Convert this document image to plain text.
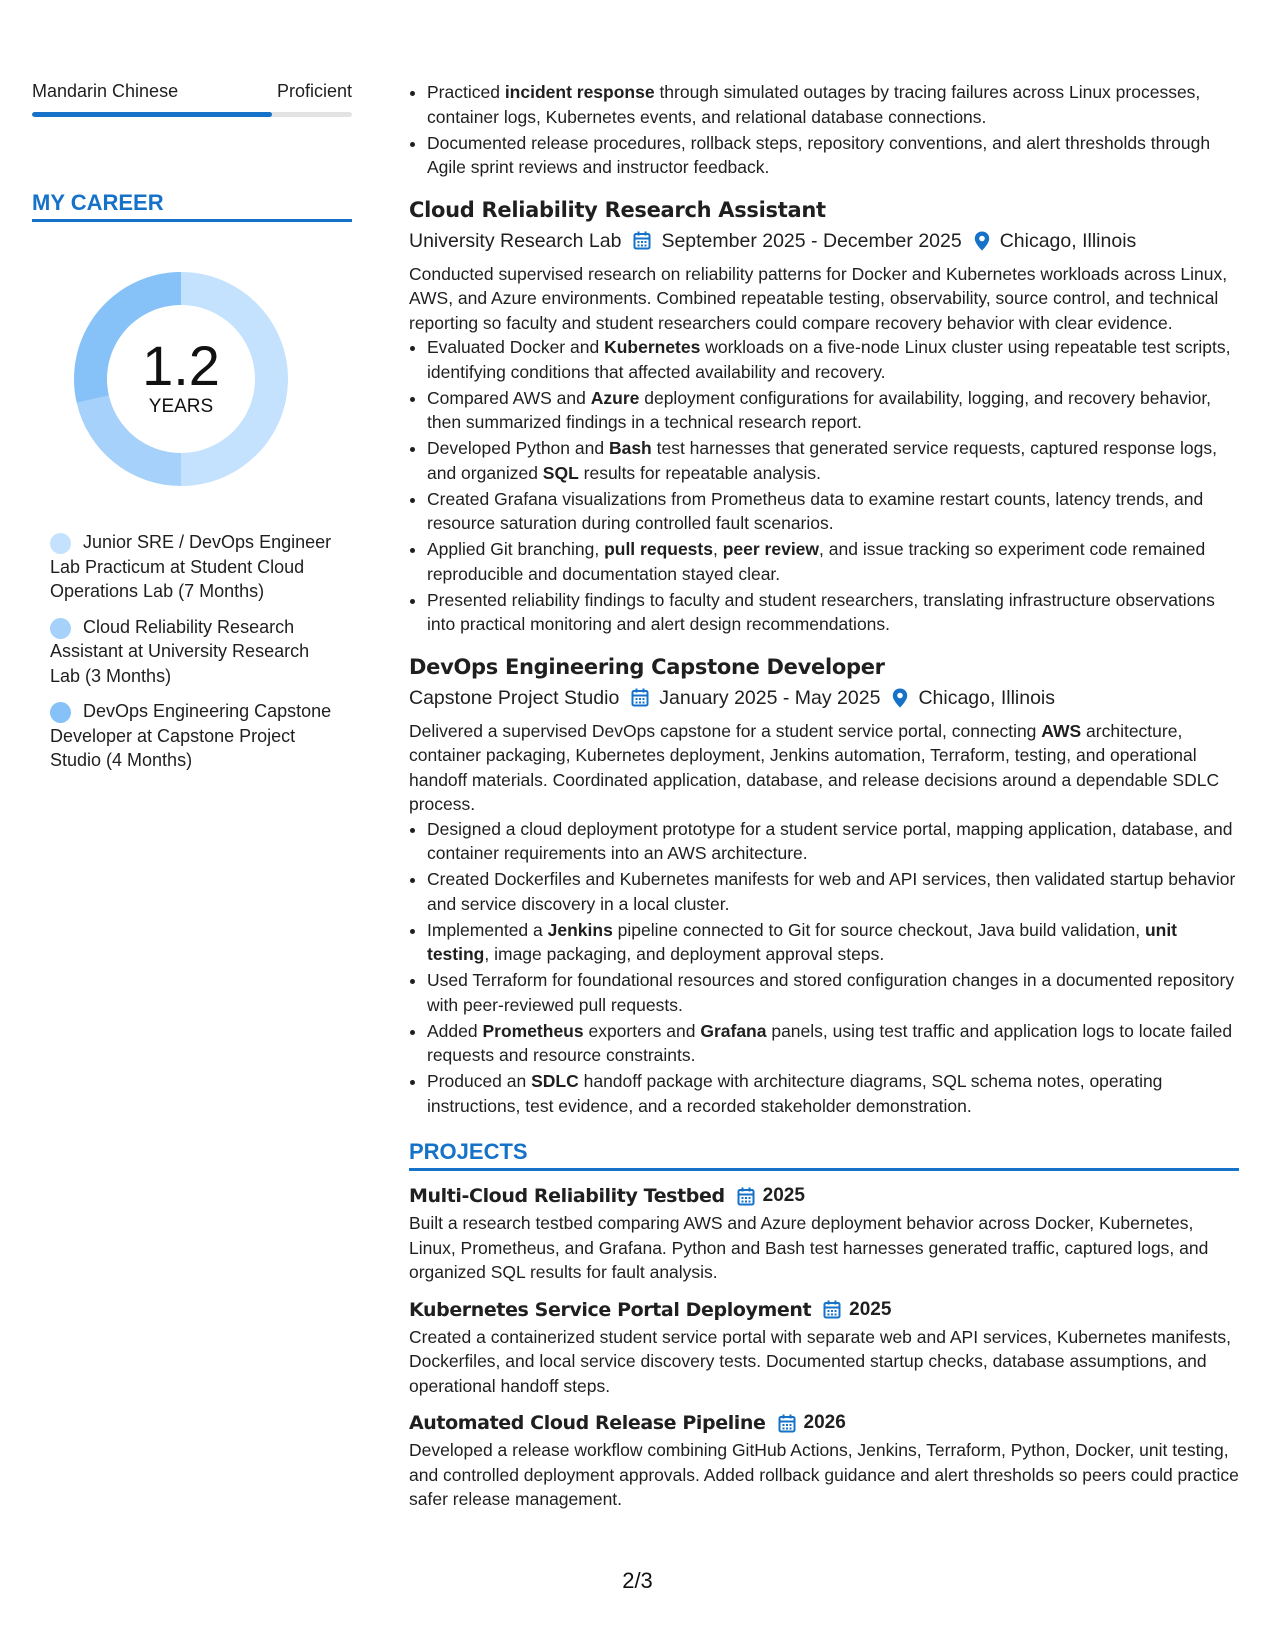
Mandarin Chinese	Proficient
MY CAREER
1.2
YEARS
Junior SRE / DevOps Engineer Lab Practicum at Student Cloud Operations Lab (7 Months)
Cloud Reliability Research Assistant at University Research Lab (3 Months)
DevOps Engineering Capstone Developer at Capstone Project Studio (4 Months)
• Practiced incident response through simulated outages by tracing failures across Linux processes, container logs, Kubernetes events, and relational database connections.
• Documented release procedures, rollback steps, repository conventions, and alert thresholds through Agile sprint reviews and instructor feedback.
Cloud Reliability Research Assistant
University Research Lab September 2025 - December 2025 Chicago, Illinois
Conducted supervised research on reliability patterns for Docker and Kubernetes workloads across Linux, AWS, and Azure environments. Combined repeatable testing, observability, source control, and technical reporting so faculty and student researchers could compare recovery behavior with clear evidence.
• Evaluated Docker and Kubernetes workloads on a five-node Linux cluster using repeatable test scripts, identifying conditions that affected availability and recovery.
• Compared AWS and Azure deployment configurations for availability, logging, and recovery behavior, then summarized findings in a technical research report.
• Developed Python and Bash test harnesses that generated service requests, captured response logs, and organized SQL results for repeatable analysis.
• Created Grafana visualizations from Prometheus data to examine restart counts, latency trends, and resource saturation during controlled fault scenarios.
• Applied Git branching, pull requests, peer review, and issue tracking so experiment code remained reproducible and documentation stayed clear.
• Presented reliability findings to faculty and student researchers, translating infrastructure observations into practical monitoring and alert design recommendations.
DevOps Engineering Capstone Developer
Capstone Project Studio January 2025 - May 2025 Chicago, Illinois
Delivered a supervised DevOps capstone for a student service portal, connecting AWS architecture, container packaging, Kubernetes deployment, Jenkins automation, Terraform, testing, and operational handoff materials. Coordinated application, database, and release decisions around a dependable SDLC process.
• Designed a cloud deployment prototype for a student service portal, mapping application, database, and container requirements into an AWS architecture.
• Created Dockerfiles and Kubernetes manifests for web and API services, then validated startup behavior and service discovery in a local cluster.
• Implemented a Jenkins pipeline connected to Git for source checkout, Java build validation, unit testing, image packaging, and deployment approval steps.
• Used Terraform for foundational resources and stored configuration changes in a documented repository with peer-reviewed pull requests.
• Added Prometheus exporters and Grafana panels, using test traffic and application logs to locate failed requests and resource constraints.
• Produced an SDLC handoff package with architecture diagrams, SQL schema notes, operating instructions, test evidence, and a recorded stakeholder demonstration.
PROJECTS
Multi-Cloud Reliability Testbed 2025
Built a research testbed comparing AWS and Azure deployment behavior across Docker, Kubernetes, Linux, Prometheus, and Grafana. Python and Bash test harnesses generated traffic, captured logs, and organized SQL results for fault analysis.
Kubernetes Service Portal Deployment 2025
Created a containerized student service portal with separate web and API services, Kubernetes manifests, Dockerfiles, and local service discovery tests. Documented startup checks, database assumptions, and operational handoff steps.
Automated Cloud Release Pipeline 2026
Developed a release workflow combining GitHub Actions, Jenkins, Terraform, Python, Docker, unit testing, and controlled deployment approvals. Added rollback guidance and alert thresholds so peers could practice safer release management.
2/3
